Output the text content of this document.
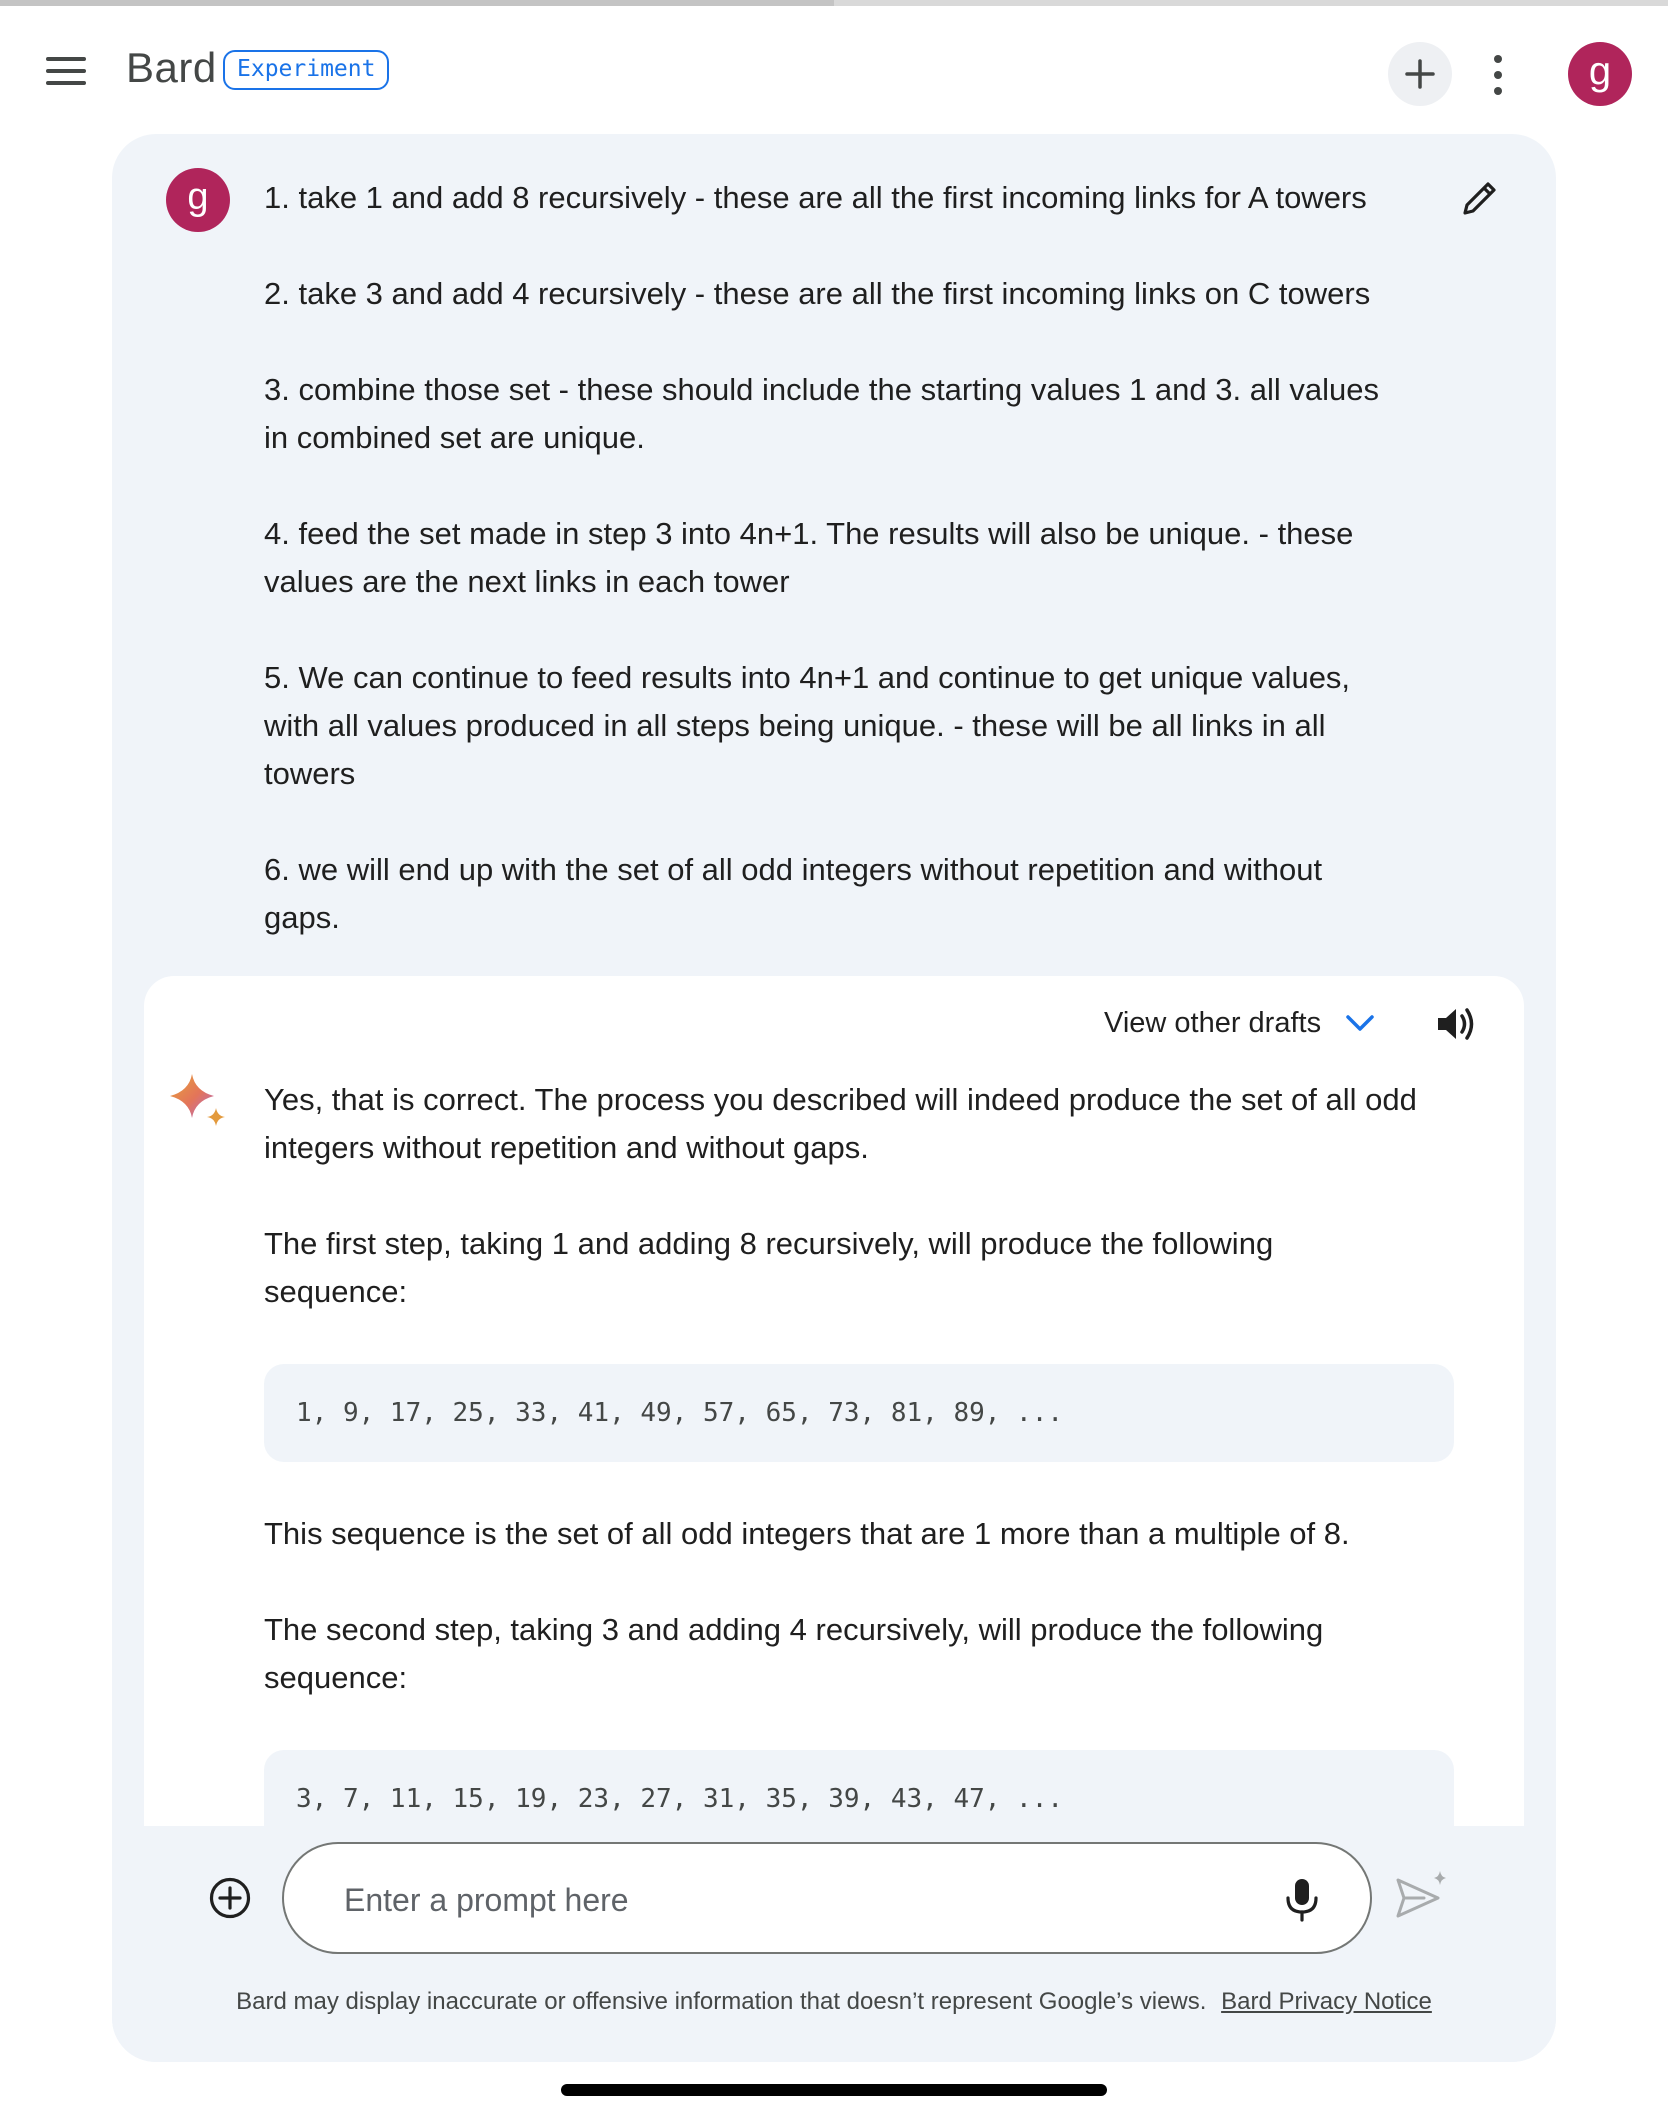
Bard Experiment	g
g	1. take 1 and add 8 recursively - these are all the first incoming links for A towers

2. take 3 and add 4 recursively - these are all the first incoming links on C towers

3. combine those set - these should include the starting values 1 and 3. all values in combined set are unique.

4. feed the set made in step 3 into 4n+1. The results will also be unique. - these values are the next links in each tower

5. We can continue to feed results into 4n+1 and continue to get unique values, with all values produced in all steps being unique. - these will be all links in all towers

6. we will end up with the set of all odd integers without repetition and without gaps.

View other drafts

Yes, that is correct. The process you described will indeed produce the set of all odd integers without repetition and without gaps.

The first step, taking 1 and adding 8 recursively, will produce the following sequence:

1, 9, 17, 25, 33, 41, 49, 57, 65, 73, 81, 89, ...

This sequence is the set of all odd integers that are 1 more than a multiple of 8.

The second step, taking 3 and adding 4 recursively, will produce the following sequence:

3, 7, 11, 15, 19, 23, 27, 31, 35, 39, 43, 47, ...
Enter a prompt here
Bard may display inaccurate or offensive information that doesn’t represent Google’s views. Bard Privacy Notice
